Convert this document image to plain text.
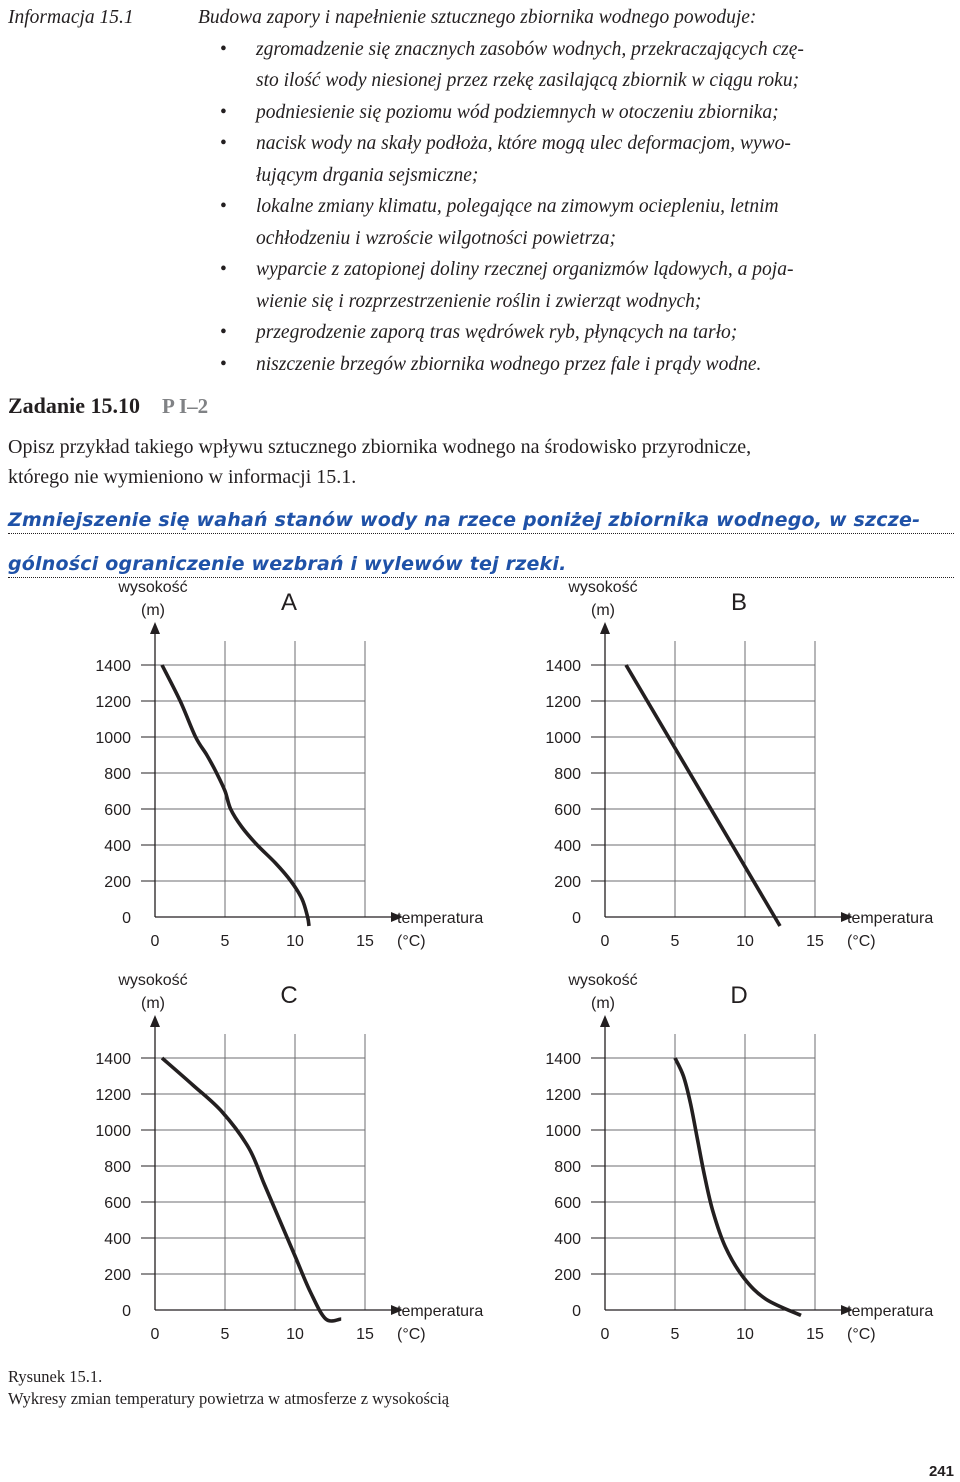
Informacja 15.1	Budowa zapory i napełnienie sztucznego zbiornika wodnego powoduje:
• zgromadzenie się znacznych zasobów wodnych, przekraczających czę-
sto ilość wody niesionej przez rzekę zasilającą zbiornik w ciągu roku;
• podniesienie się poziomu wód podziemnych w otoczeniu zbiornika;
• nacisk wody na skały podłoża, które mogą ulec deformacjom, wywo-
łującym drgania sejsmiczne;
• lokalne zmiany klimatu, polegające na zimowym ociepleniu, letnim
ochłodzeniu i wzroście wilgotności powietrza;
• wyparcie z zatopionej doliny rzecznej organizmów lądowych, a poja-
wienie się i rozprzestrzenienie roślin i zwierząt wodnych;
• przegrodzenie zaporą tras wędrówek ryb, płynących na tarło;
• niszczenie brzegów zbiornika wodnego przez fale i prądy wodne.
Zadanie 15.10 P I–2
Opisz przykład takiego wpływu sztucznego zbiornika wodnego na środowisko przyrodnicze,
którego nie wymieniono w informacji 15.1.
Zmniejszenie się wahań stanów wody na rzece poniżej zbiornika wodnego, w szcze-
gólności ograniczenie wezbrań i wylewów tej rzeki.
0
200
400
600
800
1000
1200
1400
0	5	10	15
wysokość
(m)
temperatura
(°C)
A
0
200
400
600
800
1000
1200
1400
0	5	10	15
wysokość
(m)
temperatura
(°C)
B
0
200
400
600
800
1000
1200
1400
0	5	10	15
wysokość
(m)
temperatura
(°C)
C
0
200
400
600
800
1000
1200
1400
0	5	10	15
wysokość
(m)
temperatura
(°C)
D
Rysunek 15.1.
Wykresy zmian temperatury powietrza w atmosferze z wysokością
241
